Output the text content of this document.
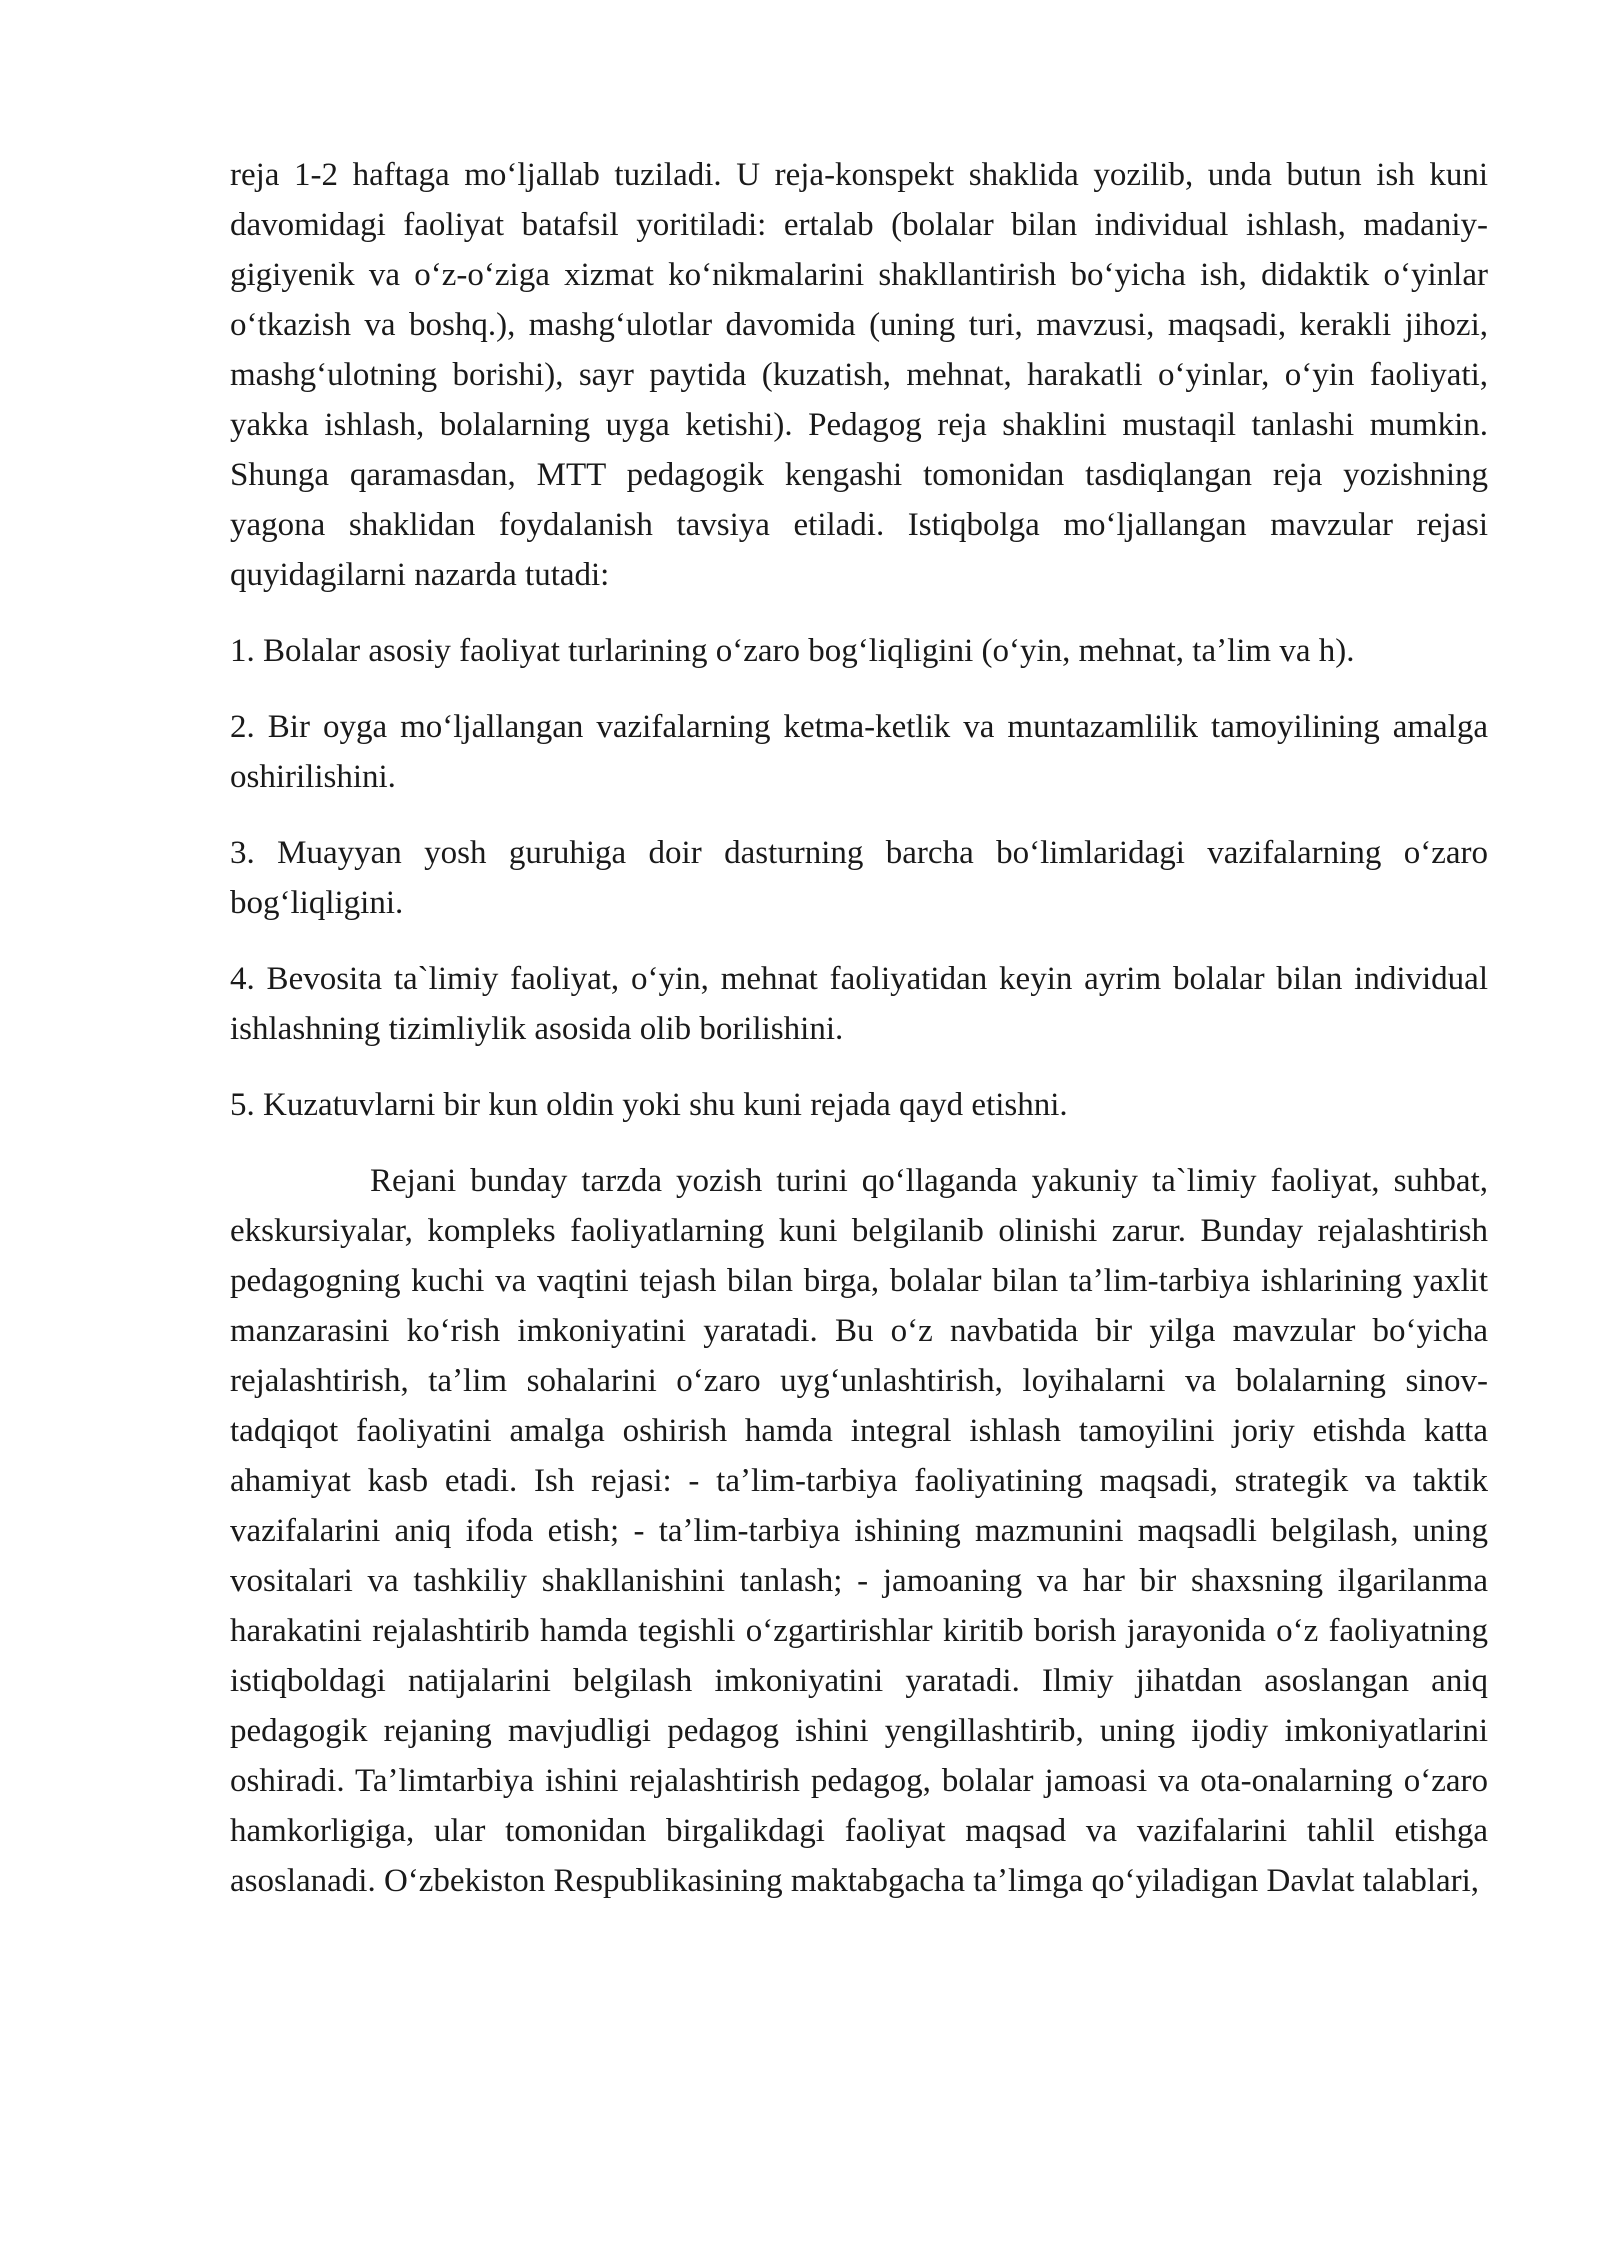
reja 1-2 haftaga moʻljallab tuziladi. U reja-konspekt shaklida yozilib, unda butun ish kuni davomidagi faoliyat batafsil yoritiladi: ertalab (bolalar bilan individual ishlash, madaniy-gigiyenik va oʻz-oʻziga xizmat koʻnikmalarini shakllantirish boʻyicha ish, didaktik oʻyinlar oʻtkazish va boshq.), mashgʻulotlar davomida (uning turi, mavzusi, maqsadi, kerakli jihozi, mashgʻulotning borishi), sayr paytida (kuzatish, mehnat, harakatli oʻyinlar, oʻyin faoliyati, yakka ishlash, bolalarning uyga ketishi). Pedagog reja shaklini mustaqil tanlashi mumkin. Shunga qaramasdan, MTT pedagogik kengashi tomonidan tasdiqlangan reja yozishning yagona shaklidan foydalanish tavsiya etiladi. Istiqbolga moʻljallangan mavzular rejasi quyidagilarni nazarda tutadi:

1. Bolalar asosiy faoliyat turlarining oʻzaro bogʻliqligini (oʻyin, mehnat, taʼlim va h).

2. Bir oyga moʻljallangan vazifalarning ketma-ketlik va muntazamlilik tamoyilining amalga oshirilishini.

3. Muayyan yosh guruhiga doir dasturning barcha boʻlimlaridagi vazifalarning oʻzaro bogʻliqligini.

4. Bevosita ta`limiy faoliyat, oʻyin, mehnat faoliyatidan keyin ayrim bolalar bilan individual ishlashning tizimliylik asosida olib borilishini.

5. Kuzatuvlarni bir kun oldin yoki shu kuni rejada qayd etishni.

Rejani bunday tarzda yozish turini qoʻllaganda yakuniy ta`limiy faoliyat, suhbat, ekskursiyalar, kompleks faoliyatlarning kuni belgilanib olinishi zarur. Bunday rejalashtirish pedagogning kuchi va vaqtini tejash bilan birga, bolalar bilan taʼlim-tarbiya ishlarining yaxlit manzarasini koʻrish imkoniyatini yaratadi. Bu oʻz navbatida bir yilga mavzular boʻyicha rejalashtirish, taʼlim sohalarini oʻzaro uygʻunlashtirish, loyihalarni va bolalarning sinov-tadqiqot faoliyatini amalga oshirish hamda integral ishlash tamoyilini joriy etishda katta ahamiyat kasb etadi. Ish rejasi: - taʼlim-tarbiya faoliyatining maqsadi, strategik va taktik vazifalarini aniq ifoda etish; - taʼlim-tarbiya ishining mazmunini maqsadli belgilash, uning vositalari va tashkiliy shakllanishini tanlash; - jamoaning va har bir shaxsning ilgarilanma harakatini rejalashtirib hamda tegishli oʻzgartirishlar kiritib borish jarayonida oʻz faoliyatning istiqboldagi natijalarini belgilash imkoniyatini yaratadi. Ilmiy jihatdan asoslangan aniq pedagogik rejaning mavjudligi pedagog ishini yengillashtirib, uning ijodiy imkoniyatlarini oshiradi. Taʼlimtarbiya ishini rejalashtirish pedagog, bolalar jamoasi va ota-onalarning oʻzaro hamkorligiga, ular tomonidan birgalikdagi faoliyat maqsad va vazifalarini tahlil etishga asoslanadi. Oʻzbekiston Respublikasining maktabgacha taʼlimga qoʻyiladigan Davlat talablari,
